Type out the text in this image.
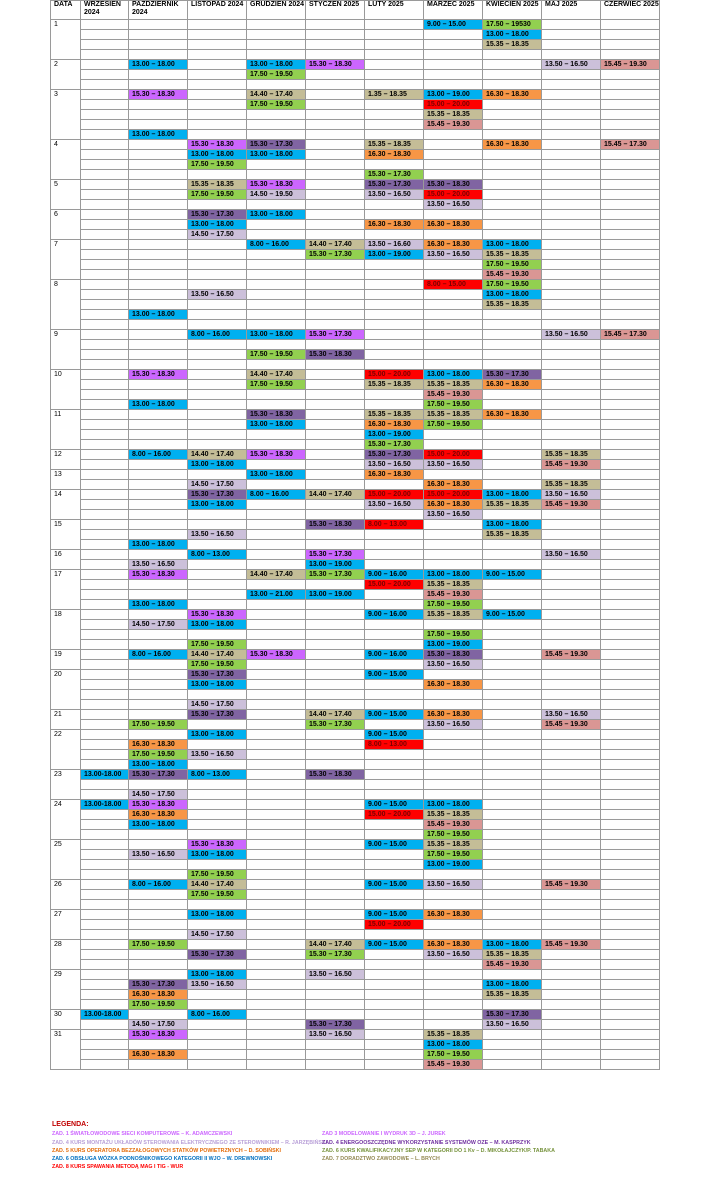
DATA	WRZESIEŃ 2024	PAŹDZIERNIK 2024	LISTOPAD 2024	GRUDZIEŃ 2024	STYCZEŃ 2025	LUTY 2025	MARZEC 2025	KWIECIEŃ 2025	MAJ 2025	CZERWIEC 2025
1							9.00 – 15.00	17.50 – 19530		
								13.00 – 18.00		
								15.35 – 18.35		

2		13.00 – 18.00		13.00 – 18.00	15.30 – 18.30				13.50 – 16.50	15.45 – 19.30
				17.50 – 19.50						

3		15.30 – 18.30		14.40 – 17.40		1.35 – 18.35	13.00 – 19.00	16.30 – 18.30		
				17.50 – 19.50			15.00 – 20.00			
							15.35 – 18.35			
							15.45 – 19.30			
		13.00 – 18.00								
4			15.30 – 18.30	15.30 – 17.30		15.35 – 18.35		16.30 – 18.30		15.45 – 17.30
			13.00 – 18.00	13.00 – 18.00		16.30 – 18.30				
			17.50 – 19.50							
						15.30 – 17.30				
5			15.35 – 18.35	15.30 – 18.30		15.30 – 17.30	15.30 – 18.30			
			17.50 – 19.50	14.50 – 19.50		13.50 – 16.50	15.00 – 20.00			
							13.50 – 16.50			
6			15.30 – 17.30	13.00 – 18.00						
			13.00 – 18.00			16.30 – 18.30	16.30 – 18.30			
			14.50 – 17.50							
7				8.00 – 16.00	14.40 – 17.40	13.50 – 16.60	16.30 – 18.30	13.00 – 18.00		
					15.30 – 17.30	13.00 – 19.00	13.50 – 16.50	15.35 – 18.35		
								17.50 – 19.50		
								15.45 – 19.30		
8							8.00 – 15.00	17.50 – 19.50		
			13.50 – 16.50					13.00 – 18.00		
								15.35 – 18.35		
		13.00 – 18.00								

9			8.00 – 16.00	13.00 – 18.00	15.30 – 17.30				13.50 – 16.50	15.45 – 17.30

				17.50 – 19.50	15.30 – 18.30					

10		15.30 – 18.30		14.40 – 17.40		15.00 – 20.00	13.00 – 18.00	15.30 – 17.30		
				17.50 – 19.50		15.35 – 18.35	15.35 – 18.35	16.30 – 18.30		
							15.45 – 19.30			
		13.00 – 18.00					17.50 – 19.50			
11				15.30 – 18.30		15.35 – 18.35	15.35 – 18.35	16.30 – 18.30		
				13.00 – 18.00		16.30 – 18.30	17.50 – 19.50			
						13.00 – 19.00				
						15.30 – 17.30				
12		8.00 – 16.00	14.40 – 17.40	15.30 – 18.30		15.30 – 17.30	15.00 – 20.00		15.35 – 18.35	
			13.00 – 18.00			13.50 – 16.50	13.50 – 16.50		15.45 – 19.30	
13				13.00 – 18.00		16.30 – 18.30				
			14.50 – 17.50				16.30 – 18.30		15.35 – 18.35	
14			15.30 – 17.30	8.00 – 16.00	14.40 – 17.40	15.00 – 20.00	15.00 – 20.00	13.00 – 18.00	13.50 – 16.50	
			13.00 – 18.00			13.50 – 16.50	16.30 – 18.30	15.35 – 18.35	15.45 – 19.30	
							13.50 – 16.50			
15					15.30 – 18.30	8.00 – 13.00		13.00 – 18.00		
			13.50 – 16.50					15.35 – 18.35		
		13.00 – 18.00								
16			8.00 – 13.00		15.30 – 17.30				13.50 – 16.50	
		13.50 – 16.50			13.00 – 19.00					
17		15.30 – 18.30		14.40 – 17.40	15.30 – 17.30	9.00 – 16.00	13.00 – 18.00	9.00 – 15.00		
						15.00 – 20.00	15.35 – 18.35			
				13.00 – 21.00	13.00 – 19.00		15.45 – 19.30			
		13.00 – 18.00					17.50 – 19.50			
18			15.30 – 18.30			9.00 – 16.00	15.35 – 18.35	9.00 – 15.00		
		14.50 – 17.50	13.00 – 18.00							
							17.50 – 19.50			
			17.50 – 19.50				13.00 – 19.00			
19		8.00 – 16.00	14.40 – 17.40	15.30 – 18.30		9.00 – 16.00	15.30 – 18.30		15.45 – 19.30	
			17.50 – 19.50				13.50 – 16.50			
20			15.30 – 17.30			9.00 – 15.00				
			13.00 – 18.00				16.30 – 18.30			

			14.50 – 17.50							
21			15.30 – 17.30		14.40 – 17.40	9.00 – 15.00	16.30 – 18.30		13.50 – 16.50	
		17.50 – 19.50			15.30 – 17.30		13.50 – 16.50		15.45 – 19.30	
22			13.00 – 18.00			9.00 – 15.00				
		16.30 – 18.30				8.00 – 13.00				
		17.50 – 19.50	13.50 – 16.50							
		13.00 – 18.00								
23	13.00-18.00	15.30 – 17.30	8.00 – 13.00		15.30 – 18.30					

		14.50 – 17.50								
24	13.00-18.00	15.30 – 18.30				9.00 – 15.00	13.00 – 18.00			
		16.30 – 18.30				15.00 – 20.00	15.35 – 18.35			
		13.00 – 18.00					15.45 – 19.30			
							17.50 – 19.50			
25			15.30 – 18.30			9.00 – 15.00	15.35 – 18.35			
		13.50 – 16.50	13.00 – 18.00				17.50 – 19.50			
							13.00 – 19.00			
			17.50 – 19.50							
26		8.00 – 16.00	14.40 – 17.40			9.00 – 15.00	13.50 – 16.50		15.45 – 19.30	
			17.50 – 19.50							

27			13.00 – 18.00			9.00 – 15.00	16.30 – 18.30			
						15.00 – 20.00				
			14.50 – 17.50							
28		17.50 – 19.50			14.40 – 17.40	9.00 – 15.00	16.30 – 18.30	13.00 – 18.00	15.45 – 19.30	
			15.30 – 17.30		15.30 – 17.30		13.50 – 16.50	15.35 – 18.35		
								15.45 – 19.30		
29			13.00 – 18.00		13.50 – 16.50					
		15.30 – 17.30	13.50 – 16.50					13.00 – 18.00		
		16.30 – 18.30						15.35 – 18.35		
		17.50 – 19.50								
30	13.00-18.00		8.00 – 16.00					15.30 – 17.30		
		14.50 – 17.50			15.30 – 17.30			13.50 – 16.50		
31		15.30 – 18.30			13.50 – 16.50		15.35 – 18.35			
							13.00 – 18.00			
		16.30 – 18.30					17.50 – 19.50			
							15.45 – 19.30			
LEGENDA:
ZAD. 1 ŚWIATŁOWODOWE SIECI KOMPUTEROWE – K. ADAMCZEWSKI
ZAD. 4 KURS MONTAŻU UKŁADÓW STEROWANIA ELEKTRYCZNEGO ZE STEROWNIKIEM – R. JARZĘBIŃSKI
ZAD. 5 KURS OPERATORA BEZZAŁOGOWYCH STATKÓW POWIETRZNYCH – D. SOBIŃSKI
ZAD. 6 OBSŁUGA WÓZKA PODNOŚNIKOWEGO KATEGORII II WJO – W. DREWNOWSKI
ZAD. 8 KURS SPAWANIA METODĄ MAG I TIG - WUR
ZAD 3 MODELOWANIE I WYDRUK 3D – J. JUREK
ZAD. 4 ENERGOOSZCZĘDNE WYKORZYSTANIE SYSTEMÓW OZE – M. KASPRZYK
ZAD. 6 KURS KWALIFIKACYJNY SEP W KATEGORII DO 1 Kv – D. MIKOŁAJCZYK/P. TABAKA
ZAD. 7 DORADZTWO ZAWODOWE – L. BRYCH
